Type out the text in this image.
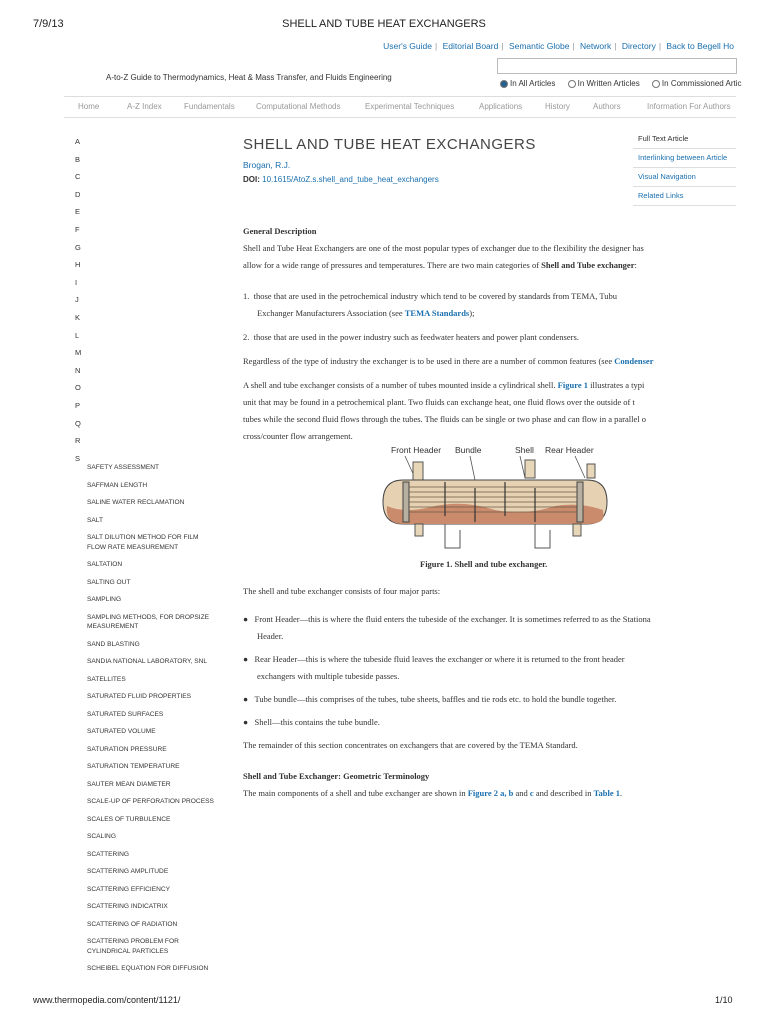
7/9/13	SHELL AND TUBE HEAT EXCHANGERS
User's Guide | Editorial Board | Semantic Globe | Network | Directory | Back to Begell Ho
A-to-Z Guide to Thermodynamics, Heat & Mass Transfer, and Fluids Engineering
In All Articles	In Written Articles	In Commissioned Artic
Home	A-Z Index	Fundamentals	Computational Methods	Experimental Techniques	Applications	History	Authors	Information For Authors
A
B
C
D
E
F
G
H
I
J
K
L
M
N
O
P
Q
R
S
SAFETY ASSESSMENT
SAFFMAN LENGTH
SALINE WATER RECLAMATION
SALT
SALT DILUTION METHOD FOR FILM FLOW RATE MEASUREMENT
SALTATION
SALTING OUT
SAMPLING
SAMPLING METHODS, FOR DROPSIZE MEASUREMENT
SAND BLASTING
SANDIA NATIONAL LABORATORY, SNL
SATELLITES
SATURATED FLUID PROPERTIES
SATURATED SURFACES
SATURATED VOLUME
SATURATION PRESSURE
SATURATION TEMPERATURE
SAUTER MEAN DIAMETER
SCALE-UP OF PERFORATION PROCESS
SCALES OF TURBULENCE
SCALING
SCATTERING
SCATTERING AMPLITUDE
SCATTERING EFFICIENCY
SCATTERING INDICATRIX
SCATTERING OF RADIATION
SCATTERING PROBLEM FOR CYLINDRICAL PARTICLES
SCHEIBEL EQUATION FOR DIFFUSION
SHELL AND TUBE HEAT EXCHANGERS
Brogan, R.J.
DOI: 10.1615/AtoZ.s.shell_and_tube_heat_exchangers
Full Text Article
Interlinking between Article
Visual Navigation
Related Links

General Description

Shell and Tube Heat Exchangers are one of the most popular types of exchanger due to the flexibility the designer has

allow for a wide range of pressures and temperatures. There are two main categories of Shell and Tube exchanger:

1.  those that are used in the petrochemical industry which tend to be covered by standards from TEMA, Tubu

Exchanger Manufacturers Association (see TEMA Standards);

2.  those that are used in the power industry such as feedwater heaters and power plant condensers.

Regardless of the type of industry the exchanger is to be used in there are a number of common features (see Condenser

A shell and tube exchanger consists of a number of tubes mounted inside a cylindrical shell. Figure 1 illustrates a typi

unit that may be found in a petrochemical plant. Two fluids can exchange heat, one fluid flows over the outside of t

tubes while the second fluid flows through the tubes. The fluids can be single or two phase and can flow in a parallel o

cross/counter flow arrangement.

Front Header Bundle	Shell Rear Header
Figure 1. Shell and tube exchanger.

The shell and tube exchanger consists of four major parts:

●   Front Header—this is where the fluid enters the tubeside of the exchanger. It is sometimes referred to as the Stationa

Header.

●   Rear Header—this is where the tubeside fluid leaves the exchanger or where it is returned to the front header

exchangers with multiple tubeside passes.

●   Tube bundle—this comprises of the tubes, tube sheets, baffles and tie rods etc. to hold the bundle together.

●   Shell—this contains the tube bundle.

The remainder of this section concentrates on exchangers that are covered by the TEMA Standard.

Shell and Tube Exchanger: Geometric Terminology

The main components of a shell and tube exchanger are shown in Figure 2 a, b and c and described in Table 1.

www.thermopedia.com/content/1121/	1/10
